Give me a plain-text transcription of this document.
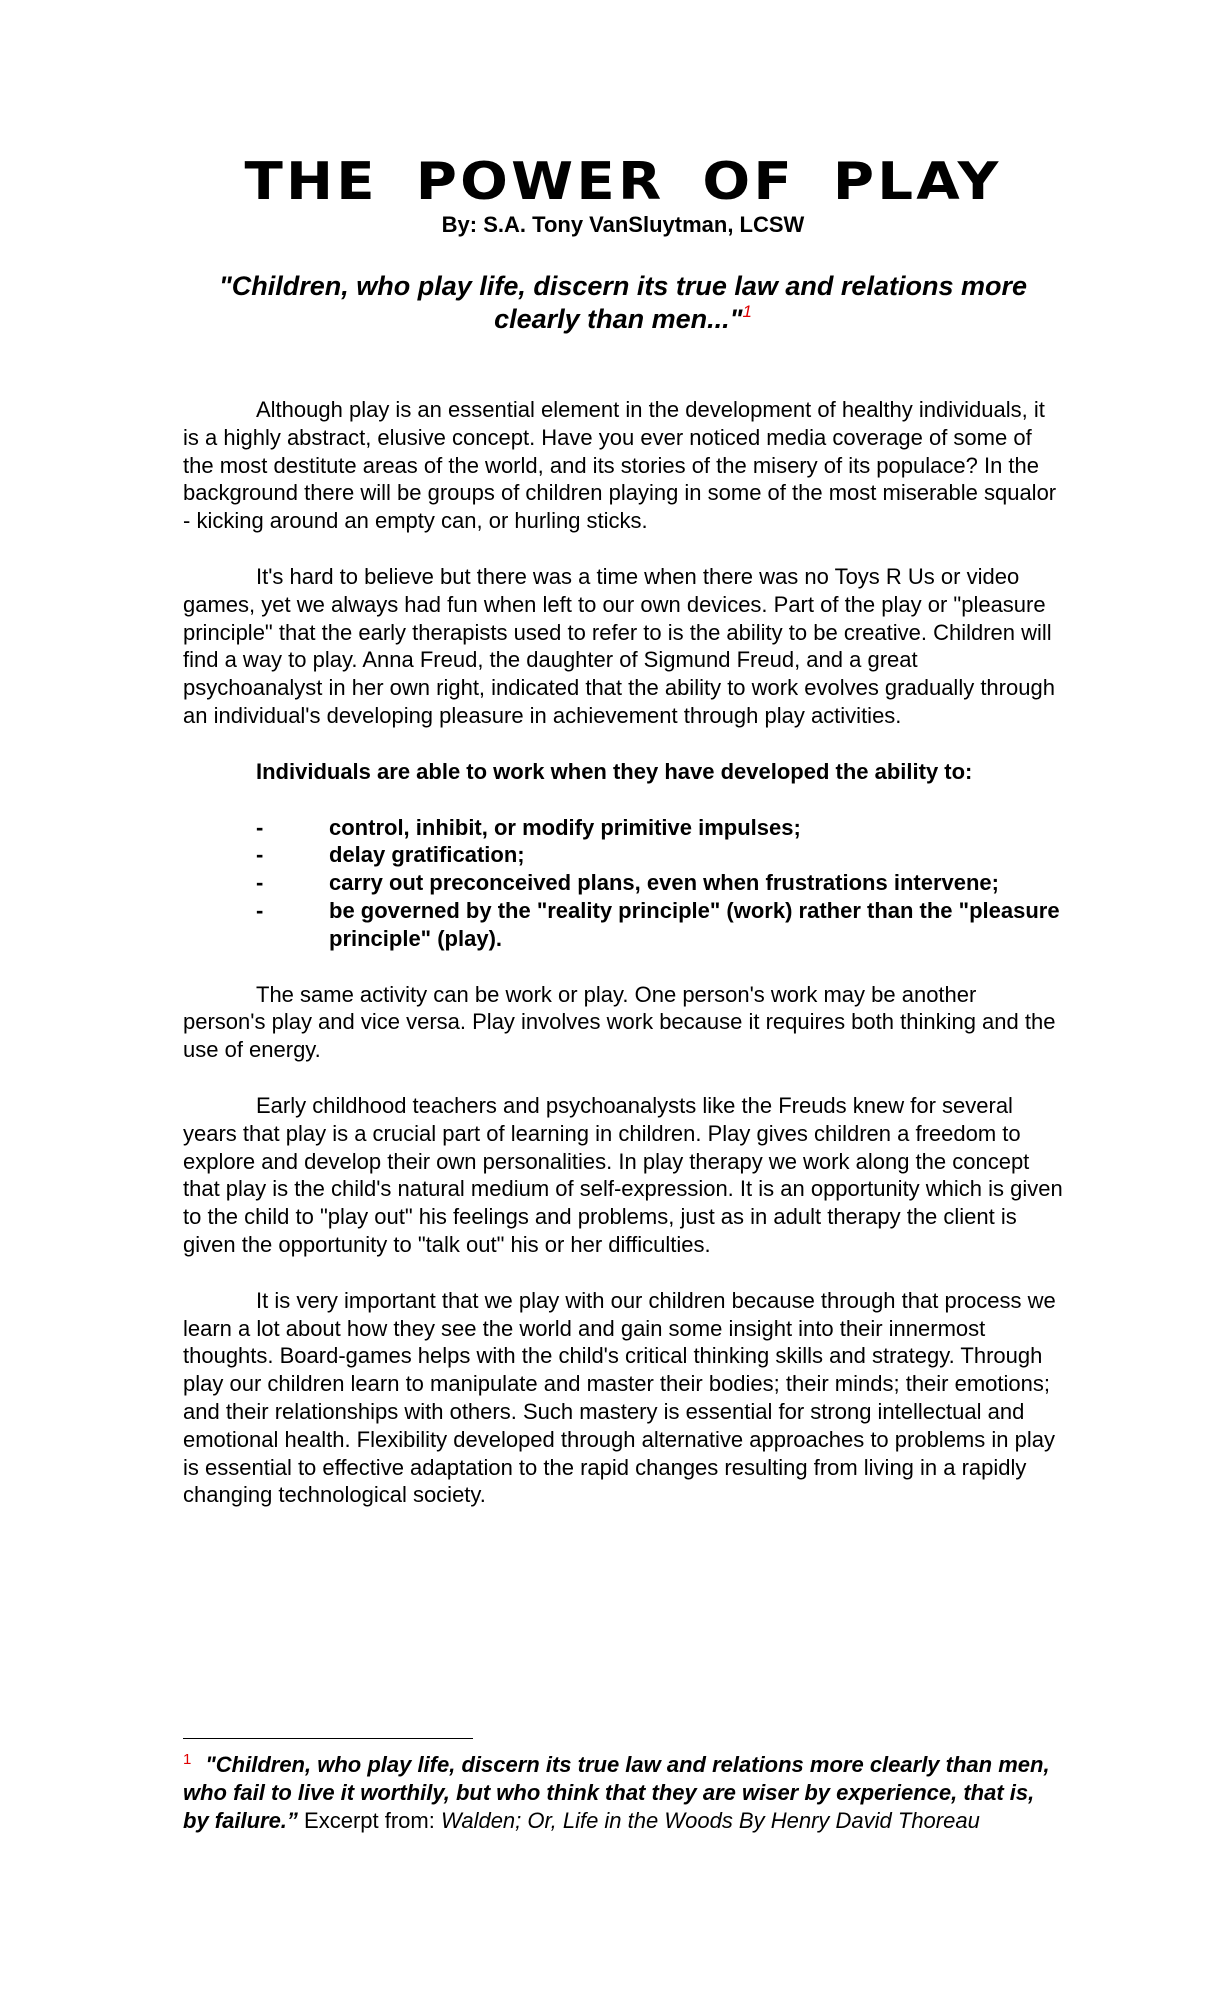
THE POWER OF PLAY
By: S.A. Tony VanSluytman, LCSW
"Children, who play life, discern its true law and relations more clearly than men..."$^1$

Although play is an essential element in the development of healthy individuals, it is a highly abstract, elusive concept. Have you ever noticed media coverage of some of the most destitute areas of the world, and its stories of the misery of its populace? In the background there will be groups of children playing in some of the most miserable squalor - kicking around an empty can, or hurling sticks.

It's hard to believe but there was a time when there was no Toys R Us or video games, yet we always had fun when left to our own devices. Part of the play or "pleasure principle" that the early therapists used to refer to is the ability to be creative. Children will find a way to play. Anna Freud, the daughter of Sigmund Freud, and a great psychoanalyst in her own right, indicated that the ability to work evolves gradually through an individual's developing pleasure in achievement through play activities.

Individuals are able to work when they have developed the ability to:

-	control, inhibit, or modify primitive impulses;
-	delay gratification;
-	carry out preconceived plans, even when frustrations intervene;
-	be governed by the "reality principle" (work) rather than the "pleasure principle" (play).

The same activity can be work or play. One person's work may be another person's play and vice versa. Play involves work because it requires both thinking and the use of energy.

Early childhood teachers and psychoanalysts like the Freuds knew for several years that play is a crucial part of learning in children. Play gives children a freedom to explore and develop their own personalities. In play therapy we work along the concept that play is the child's natural medium of self-expression. It is an opportunity which is given to the child to "play out" his feelings and problems, just as in adult therapy the client is given the opportunity to "talk out" his or her difficulties.

It is very important that we play with our children because through that process we learn a lot about how they see the world and gain some insight into their innermost thoughts. Board-games helps with the child's critical thinking skills and strategy. Through play our children learn to manipulate and master their bodies; their minds; their emotions; and their relationships with others. Such mastery is essential for strong intellectual and emotional health. Flexibility developed through alternative approaches to problems in play is essential to effective adaptation to the rapid changes resulting from living in a rapidly changing technological society.

$^1$ "Children, who play life, discern its true law and relations more clearly than men, who fail to live it worthily, but who think that they are wiser by experience, that is, by failure.” Excerpt from: Walden; Or, Life in the Woods By Henry David Thoreau
